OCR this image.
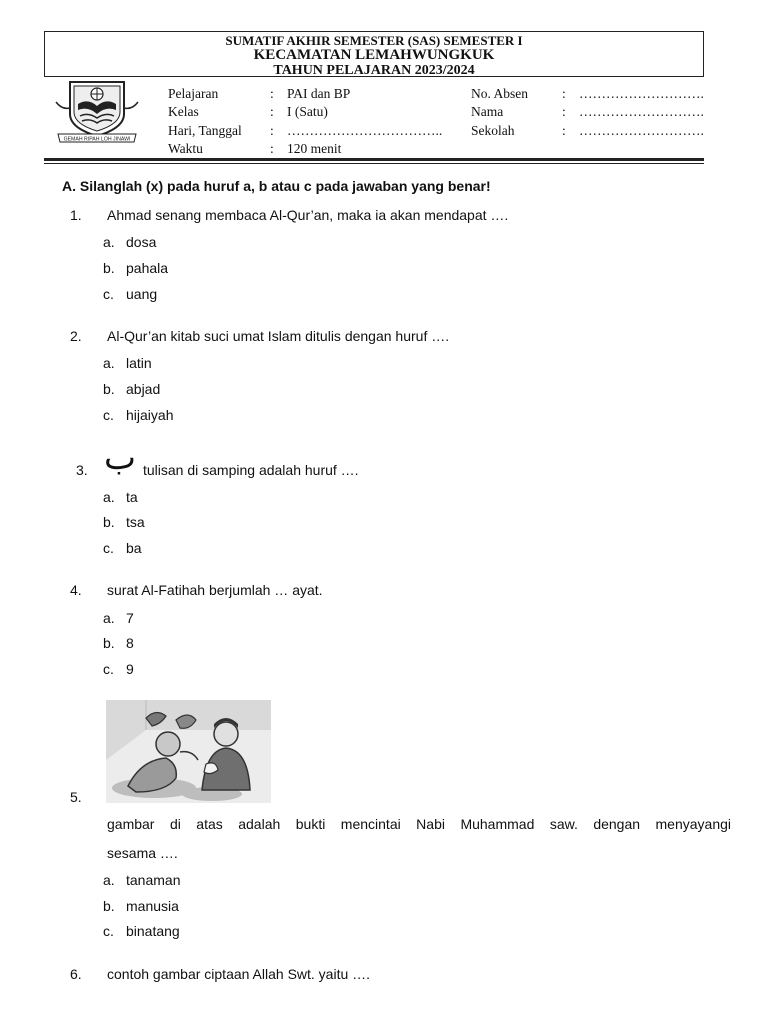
SUMATIF AKHIR SEMESTER (SAS) SEMESTER I
KECAMATAN LEMAHWUNGKUK
TAHUN PELAJARAN 2023/2024
GEMAH RIPAH LOH JINAWI
Pelajaran	: PAI dan BP
Kelas	: I (Satu)
Hari, Tanggal : ……………………………..
Waktu	: 120 menit
No. Absen	: ……………………….
Nama	: ……………………….
Sekolah	: ……………………….
A. Silanglah (x) pada huruf a, b atau c pada jawaban yang benar!
1. Ahmad senang membaca Al-Qur’an, maka ia akan mendapat ….
a. dosa
b. pahala
c. uang
2. Al-Qur’an kitab suci umat Islam ditulis dengan huruf ….
a. latin
b. abjad
c. hijaiyah
3. ب tulisan di samping adalah huruf ….
a. ta
b. tsa
c. ba
4. surat Al-Fatihah berjumlah … ayat.
a. 7
b. 8
c. 9
5.
gambar di atas adalah bukti mencintai Nabi Muhammad saw. dengan menyayangi
sesama ….
a. tanaman
b. manusia
c. binatang
6. contoh gambar ciptaan Allah Swt. yaitu ….
